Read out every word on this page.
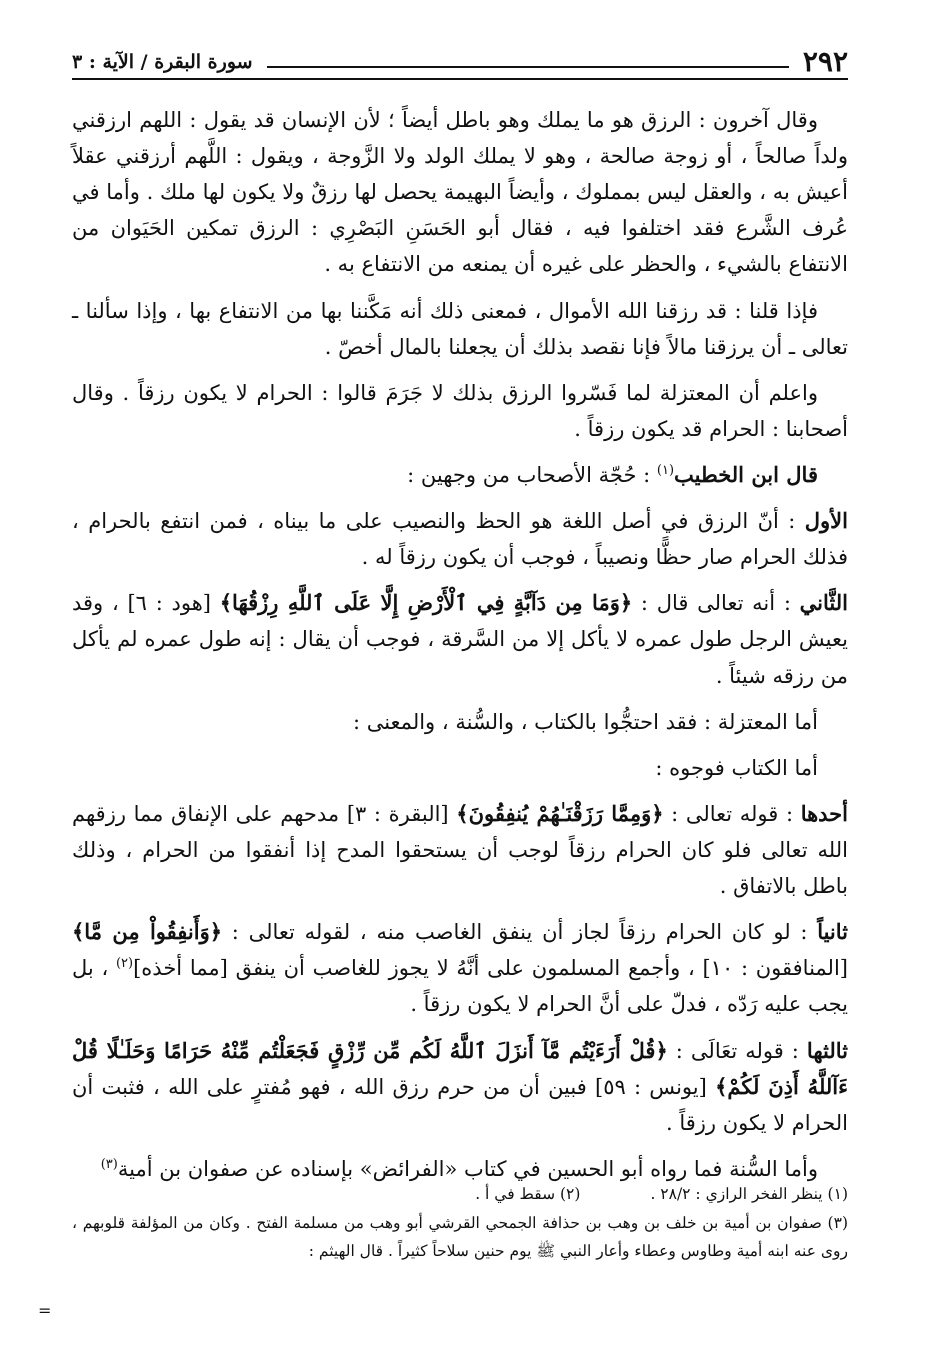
٢٩٢
سورة البقرة / الآية : ٣

وقال آخرون : الرزق هو ما يملك وهو باطل أيضاً ؛ لأن الإنسان قد يقول : اللهم ارزقني ولداً صالحاً ، أو زوجة صالحة ، وهو لا يملك الولد ولا الزَّوجة ، ويقول : اللَّهم أرزقني عقلاً أعيش به ، والعقل ليس بمملوك ، وأيضاً البهيمة يحصل لها رزقٌ ولا يكون لها ملك . وأما في عُرف الشَّرع فقد اختلفوا فيه ، فقال أبو الحَسَنِ البَصْرِي : الرزق تمكين الحَيَوان من الانتفاع بالشيء ، والحظر على غيره أن يمنعه من الانتفاع به .

فإذا قلنا : قد رزقنا الله الأموال ، فمعنى ذلك أنه مَكَّننا بها من الانتفاع بها ، وإذا سألنا ـ تعالى ـ أن يرزقنا مالاً فإنا نقصد بذلك أن يجعلنا بالمال أخصّ .

واعلم أن المعتزلة لما فَسّروا الرزق بذلك لا جَرَمَ قالوا : الحرام لا يكون رزقاً . وقال أصحابنا : الحرام قد يكون رزقاً .

قال ابن الخطيب$^{(١)}$ : حُجّة الأصحاب من وجهين :

الأول : أنّ الرزق في أصل اللغة هو الحظ والنصيب على ما بيناه ، فمن انتفع بالحرام ، فذلك الحرام صار حظًّا ونصيباً ، فوجب أن يكون رزقاً له .

الثَّاني : أنه تعالى قال : ﴿وَمَا مِن دَآبَّةٍ فِي ٱلْأَرْضِ إِلَّا عَلَى ٱللَّهِ رِزْقُهَا﴾ [هود : ٦] ، وقد يعيش الرجل طول عمره لا يأكل إلا من السَّرقة ، فوجب أن يقال : إنه طول عمره لم يأكل من رزقه شيئاً .

أما المعتزلة : فقد احتجُّوا بالكتاب ، والسُّنة ، والمعنى :

أما الكتاب فوجوه :

أحدها : قوله تعالى : ﴿وَمِمَّا رَزَقْنَـٰهُمْ يُنفِقُونَ﴾ [البقرة : ٣] مدحهم على الإنفاق مما رزقهم الله تعالى فلو كان الحرام رزقاً لوجب أن يستحقوا المدح إذا أنفقوا من الحرام ، وذلك باطل بالاتفاق .

ثانياً : لو كان الحرام رزقاً لجاز أن ينفق الغاصب منه ، لقوله تعالى : ﴿وَأَنفِقُواْ مِن مَّا﴾ [المنافقون : ١٠] ، وأجمع المسلمون على أنَّهُ لا يجوز للغاصب أن ينفق [مما أخذه]$^{(٢)}$ ، بل يجب عليه رَدّه ، فدلّ على أنَّ الحرام لا يكون رزقاً .

ثالثها : قوله تعَالَى : ﴿قُلْ أَرَءَيْتُم مَّآ أَنزَلَ ٱللَّهُ لَكُم مِّن رِّزْقٍ فَجَعَلْتُم مِّنْهُ حَرَامًا وَحَلَـٰلًا قُلْ ءَآللَّهُ أَذِنَ لَكُمْ﴾ [يونس : ٥٩] فبين أن من حرم رزق الله ، فهو مُفترٍ على الله ، فثبت أن الحرام لا يكون رزقاً .

وأما السُّنة فما رواه أبو الحسين في كتاب «الفرائض» بإسناده عن صفوان بن أمية$^{(٣)}$

(١) ينظر الفخر الرازي : ٢٨/٢ .
(٢) سقط في أ .
(٣) صفوان بن أمية بن خلف بن وهب بن حذافة الجمحي القرشي أبو وهب من مسلمة الفتح . وكان من المؤلفة قلوبهم ، روى عنه ابنه أمية وطاوس وعطاء وأعار النبي ﷺ يوم حنين سلاحاً كثيراً . قال الهيثم :
=
